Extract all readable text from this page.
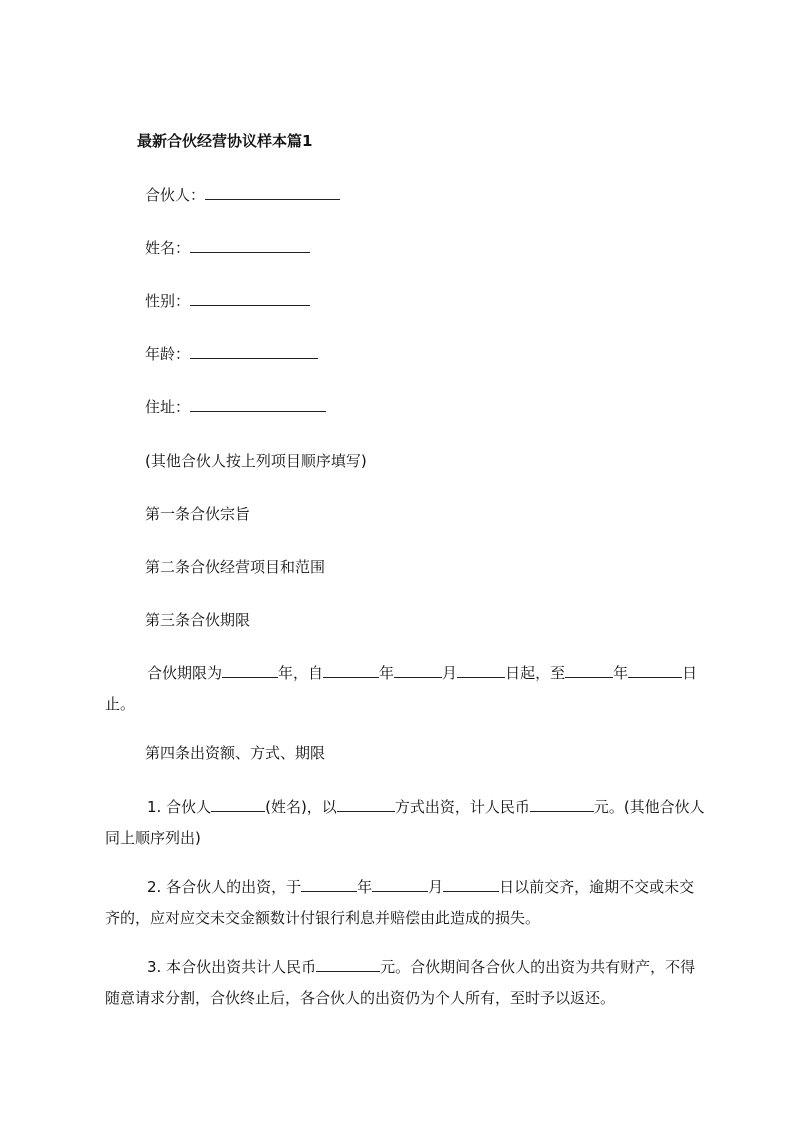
最新合伙经营协议样本篇1
合伙人：
姓名：
性别：
年龄：
住址：
(其他合伙人按上列项目顺序填写)
第一条合伙宗旨
第二条合伙经营项目和范围
第三条合伙期限
合伙期限为	年，自	年	月	日起，至	年	日止。
第四条出资额、方式、期限
1. 合伙人	(姓名)，以	方式出资，计人民币	元。(其他合伙人同上顺序列出)
2. 各合伙人的出资，于	年	月	日以前交齐，逾期不交或未交齐的，应对应交未交金额数计付银行利息并赔偿由此造成的损失。
3. 本合伙出资共计人民币	元。合伙期间各合伙人的出资为共有财产，不得随意请求分割，合伙终止后，各合伙人的出资仍为个人所有，至时予以返还。
